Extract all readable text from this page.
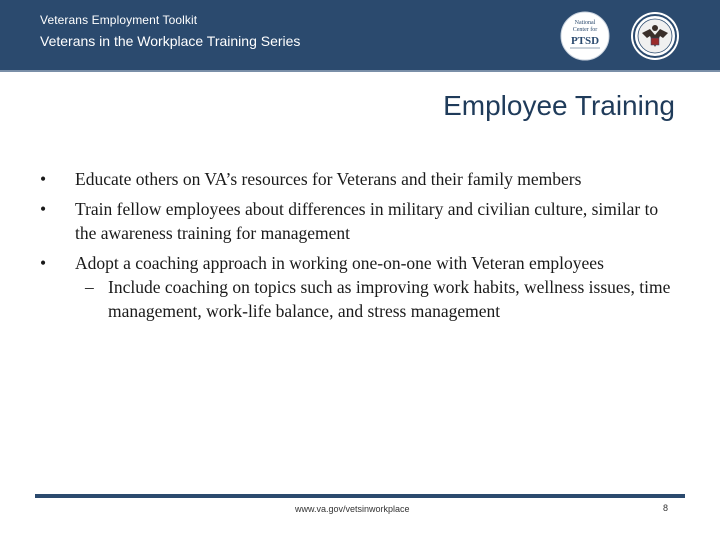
Veterans Employment Toolkit
Veterans in the Workplace Training Series
National
Center for
PTSD
Employee Training
•	Educate others on VA’s resources for Veterans and their family members
•	Train fellow employees about differences in military and civilian culture, similar to the awareness training for management
•	Adopt a coaching approach in working one-on-one with Veteran employees
– Include coaching on topics such as improving work habits, wellness issues, time management, work-life balance, and stress management
www.va.gov/vetsinworkplace	8
